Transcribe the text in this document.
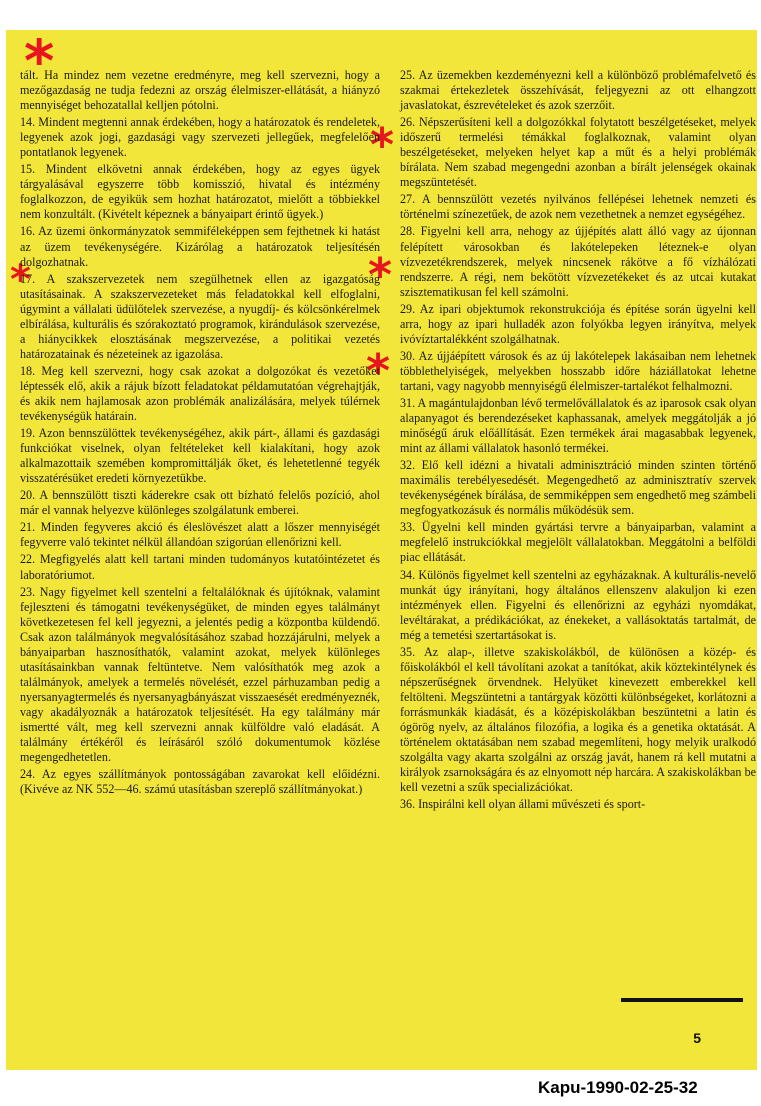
*
*
*
*
*

tált. Ha mindez nem vezetne eredményre, meg kell szervezni, hogy a mezőgazdaság ne tudja fedezni az ország élelmiszer-ellátását, a hiányzó mennyiséget behozatallal kelljen pótolni.

14. Mindent megtenni annak érdekében, hogy a határozatok és rendeletek, legyenek azok jogi, gazdasági vagy szervezeti jellegűek, megfelelően pontatlanok legyenek.

15. Mindent elkövetni annak érdekében, hogy az egyes ügyek tárgyalásával egyszerre több komisszió, hivatal és intézmény foglalkozzon, de egyikük sem hozhat határozatot, mielőtt a többiekkel nem konzultált. (Kivételt képeznek a bányaipart érintő ügyek.)

16. Az üzemi önkormányzatok semmiféleképpen sem fejthetnek ki hatást az üzem tevékenységére. Kizárólag a határozatok teljesítésén dolgozhatnak.

17. A szakszervezetek nem szegülhetnek ellen az igazgatóság utasításainak. A szakszervezeteket más feladatokkal kell elfoglalni, úgymint a vállalati üdülőtelek szervezése, a nyugdíj- és kölcsönkérelmek elbírálása, kulturális és szórakoztató programok, kirándulások szervezése, a hiánycikkek elosztásának megszervezése, a politikai vezetés határozatainak és nézeteinek az igazolása.

18. Meg kell szervezni, hogy csak azokat a dolgozókat és vezetőket léptessék elő, akik a rájuk bízott feladatokat példamutatóan végrehajtják, és akik nem hajlamosak azon problémák analizálására, melyek túlérnek tevékenységük határain.

19. Azon bennszülöttek tevékenységéhez, akik párt-, állami és gazdasági funkciókat viselnek, olyan feltételeket kell kialakítani, hogy azok alkalmazottaik szemében kompromittálják őket, és lehetetlenné tegyék visszatérésüket eredeti környezetükbe.

20. A bennszülött tiszti káderekre csak ott bízható felelős pozíció, ahol már el vannak helyezve különleges szolgálatunk emberei.

21. Minden fegyveres akció és éleslövészet alatt a lőszer mennyiségét fegyverre való tekintet nélkül állandóan szigorúan ellenőrizni kell.

22. Megfigyelés alatt kell tartani minden tudományos kutatóintézetet és laboratóriumot.

23. Nagy figyelmet kell szentelni a feltalálóknak és újítóknak, valamint fejleszteni és támogatni tevékenységüket, de minden egyes találmányt következetesen fel kell jegyezni, a jelentés pedig a központba küldendő. Csak azon találmányok megvalósításához szabad hozzájárulni, melyek a bányaiparban hasznosíthatók, valamint azokat, melyek különleges utasításainkban vannak feltüntetve. Nem valósíthatók meg azok a találmányok, amelyek a termelés növelését, ezzel párhuzamban pedig a nyersanyagtermelés és nyersanyagbányászat visszaesését eredményeznék, vagy akadályoznák a határozatok teljesítését. Ha egy találmány már ismertté vált, meg kell szervezni annak külföldre való eladását. A találmány értékéről és leírásáról szóló dokumentumok közlése megengedhetetlen.

24. Az egyes szállítmányok pontosságában zavarokat kell előidézni. (Kivéve az NK 552—46. számú utasításban szereplő szállítmányokat.)

25. Az üzemekben kezdeményezni kell a különböző problémafelvető és szakmai értekezletek összehívását, feljegyezni az ott elhangzott javaslatokat, észrevételeket és azok szerzőit.

26. Népszerűsíteni kell a dolgozókkal folytatott beszélgetéseket, melyek időszerű termelési témákkal foglalkoznak, valamint olyan beszélgetéseket, melyeken helyet kap a műt és a helyi problémák bírálata. Nem szabad megengedni azonban a bírált jelenségek okainak megszüntetését.

27. A bennszülött vezetés nyilvános fellépései lehetnek nemzeti és történelmi színezetűek, de azok nem vezethetnek a nemzet egységéhez.

28. Figyelni kell arra, nehogy az újjépítés alatt álló vagy az újonnan felépített városokban és lakótelepeken léteznek-e olyan vízvezetékrendszerek, melyek nincsenek rákötve a fő vízhálózati rendszerre. A régi, nem bekötött vízvezetékeket és az utcai kutakat szisztematikusan fel kell számolni.

29. Az ipari objektumok rekonstrukciója és építése során ügyelni kell arra, hogy az ipari hulladék azon folyókba legyen irányítva, melyek ivóvíztartalékként szolgálhatnak.

30. Az újjáépített városok és az új lakótelepek lakásaiban nem lehetnek többlethelyiségek, melyekben hosszabb időre háziállatokat lehetne tartani, vagy nagyobb mennyiségű élelmiszer-tartalékot felhalmozni.

31. A magántulajdonban lévő termelővállalatok és az iparosok csak olyan alapanyagot és berendezéseket kaphassanak, amelyek meggátolják a jó minőségű áruk előállítását. Ezen termékek árai magasabbak legyenek, mint az állami vállalatok hasonló termékei.

32. Elő kell idézni a hivatali adminisztráció minden szinten történő maximális terebélyesedését. Megengedhető az adminisztratív szervek tevékenységének bírálása, de semmiképpen sem engedhető meg számbeli megfogyatkozásuk és normális működésük sem.

33. Ügyelni kell minden gyártási tervre a bányaiparban, valamint a megfelelő instrukciókkal megjelölt vállalatokban. Meggátolni a belföldi piac ellátását.

34. Különös figyelmet kell szentelni az egyházaknak. A kulturális-nevelő munkát úgy irányítani, hogy általános ellenszenv alakuljon ki ezen intézmények ellen. Figyelni és ellenőrizni az egyházi nyomdákat, levéltárakat, a prédikációkat, az énekeket, a vallásoktatás tartalmát, de még a temetési szertartásokat is.

35. Az alap-, illetve szakiskolákból, de különösen a közép- és főiskolákból el kell távolítani azokat a tanítókat, akik köztekintélynek és népszerűségnek örvendnek. Helyüket kinevezett emberekkel kell feltölteni. Megszüntetni a tantárgyak közötti különbségeket, korlátozni a forrásmunkák kiadását, és a középiskolákban beszüntetni a latin és ógörög nyelv, az általános filozófia, a logika és a genetika oktatását. A történelem oktatásában nem szabad megemlíteni, hogy melyik uralkodó szolgálta vagy akarta szolgálni az ország javát, hanem rá kell mutatni a királyok zsarnokságára és az elnyomott nép harcára. A szakiskolákban be kell vezetni a szűk specializációkat.

36. Inspirálni kell olyan állami művészeti és sport-

5
Kapu-1990-02-25-32
